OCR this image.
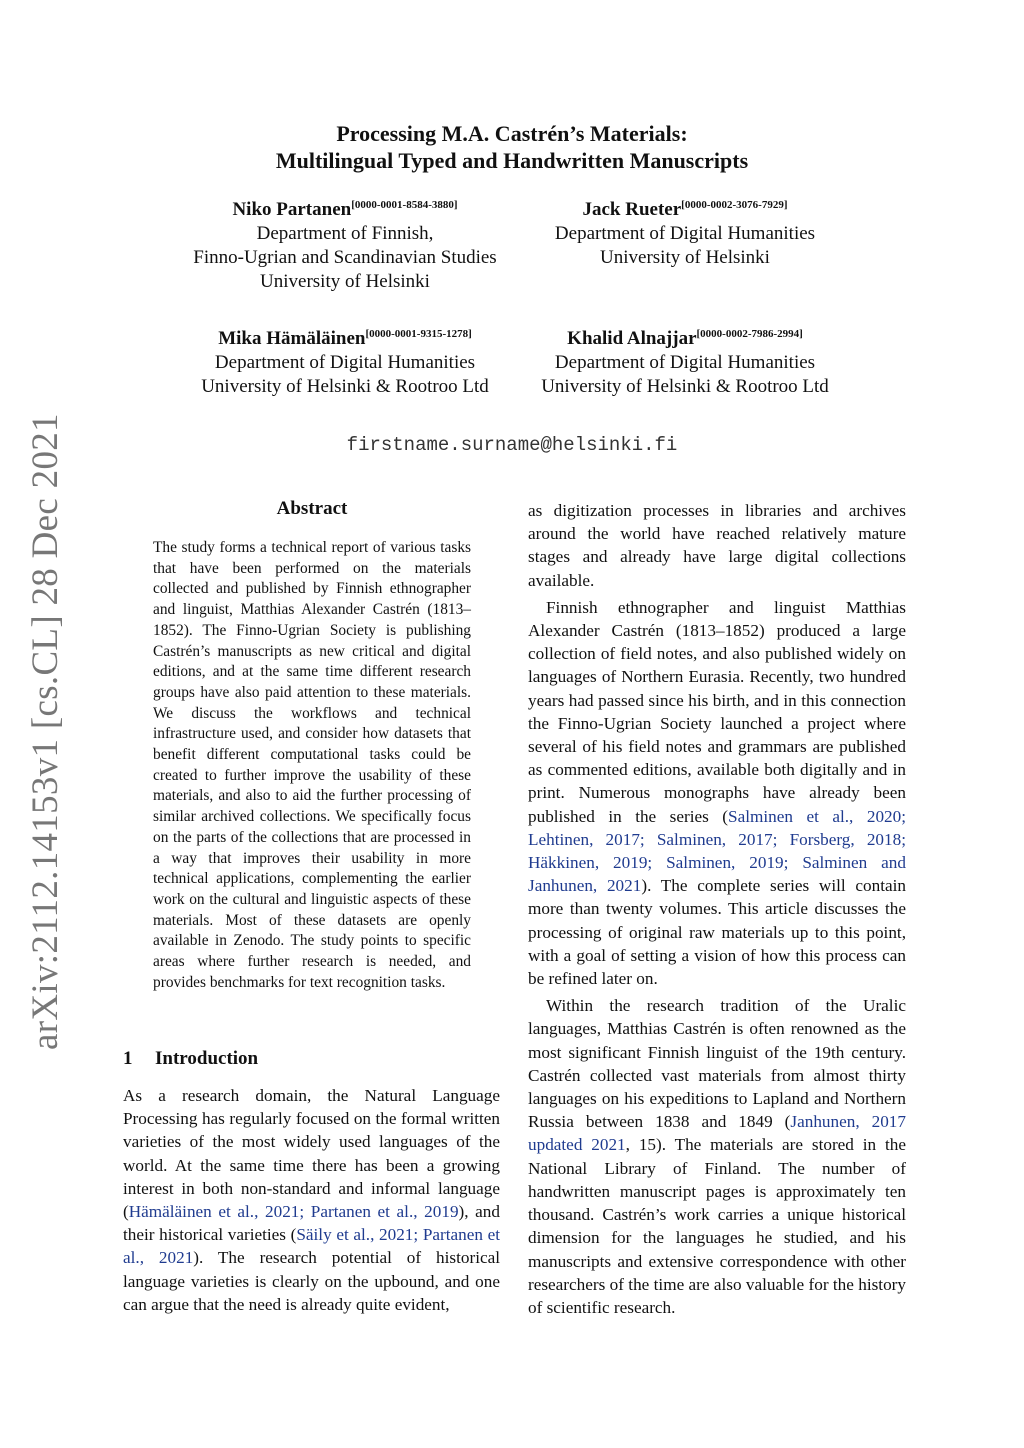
arXiv:2112.14153v1 [cs.CL] 28 Dec 2021
Processing M.A. Castrén’s Materials:
Multilingual Typed and Handwritten Manuscripts
Niko Partanen[0000-0001-8584-3880]
Department of Finnish,
Finno-Ugrian and Scandinavian Studies
University of Helsinki
Jack Rueter[0000-0002-3076-7929]
Department of Digital Humanities
University of Helsinki
Mika Hämäläinen[0000-0001-9315-1278]
Department of Digital Humanities
University of Helsinki & Rootroo Ltd
Khalid Alnajjar[0000-0002-7986-2994]
Department of Digital Humanities
University of Helsinki & Rootroo Ltd
firstname.surname@helsinki.fi
Abstract
The study forms a technical report of various tasks that have been performed on the materials collected and published by Finnish ethnographer and linguist, Matthias Alexander Castrén (1813–1852). The Finno-Ugrian Society is publishing Castrén’s manuscripts as new critical and digital editions, and at the same time different research groups have also paid attention to these materials. We discuss the workflows and technical infrastructure used, and consider how datasets that benefit different computational tasks could be created to further improve the usability of these materials, and also to aid the further processing of similar archived collections. We specifically focus on the parts of the collections that are processed in a way that improves their usability in more technical applications, complementing the earlier work on the cultural and linguistic aspects of these materials. Most of these datasets are openly available in Zenodo. The study points to specific areas where further research is needed, and provides benchmarks for text recognition tasks.
1 Introduction

As a research domain, the Natural Language Processing has regularly focused on the formal written varieties of the most widely used languages of the world. At the same time there has been a growing interest in both non-standard and informal language (Hämäläinen et al., 2021; Partanen et al., 2019), and their historical varieties (Säily et al., 2021; Partanen et al., 2021). The research potential of historical language varieties is clearly on the upbound, and one can argue that the need is already quite evident,

as digitization processes in libraries and archives around the world have reached relatively mature stages and already have large digital collections available.

Finnish ethnographer and linguist Matthias Alexander Castrén (1813–1852) produced a large collection of field notes, and also published widely on languages of Northern Eurasia. Recently, two hundred years had passed since his birth, and in this connection the Finno-Ugrian Society launched a project where several of his field notes and grammars are published as commented editions, available both digitally and in print. Numerous monographs have already been published in the series (Salminen et al., 2020; Lehtinen, 2017; Salminen, 2017; Forsberg, 2018; Häkkinen, 2019; Salminen, 2019; Salminen and Janhunen, 2021). The complete series will contain more than twenty volumes. This article discusses the processing of original raw materials up to this point, with a goal of setting a vision of how this process can be refined later on.

Within the research tradition of the Uralic languages, Matthias Castrén is often renowned as the most significant Finnish linguist of the 19th century. Castrén collected vast materials from almost thirty languages on his expeditions to Lapland and Northern Russia between 1838 and 1849 (Janhunen, 2017 updated 2021, 15). The materials are stored in the National Library of Finland. The number of handwritten manuscript pages is approximately ten thousand. Castrén’s work carries a unique historical dimension for the languages he studied, and his manuscripts and extensive correspondence with other researchers of the time are also valuable for the history of scientific research.
